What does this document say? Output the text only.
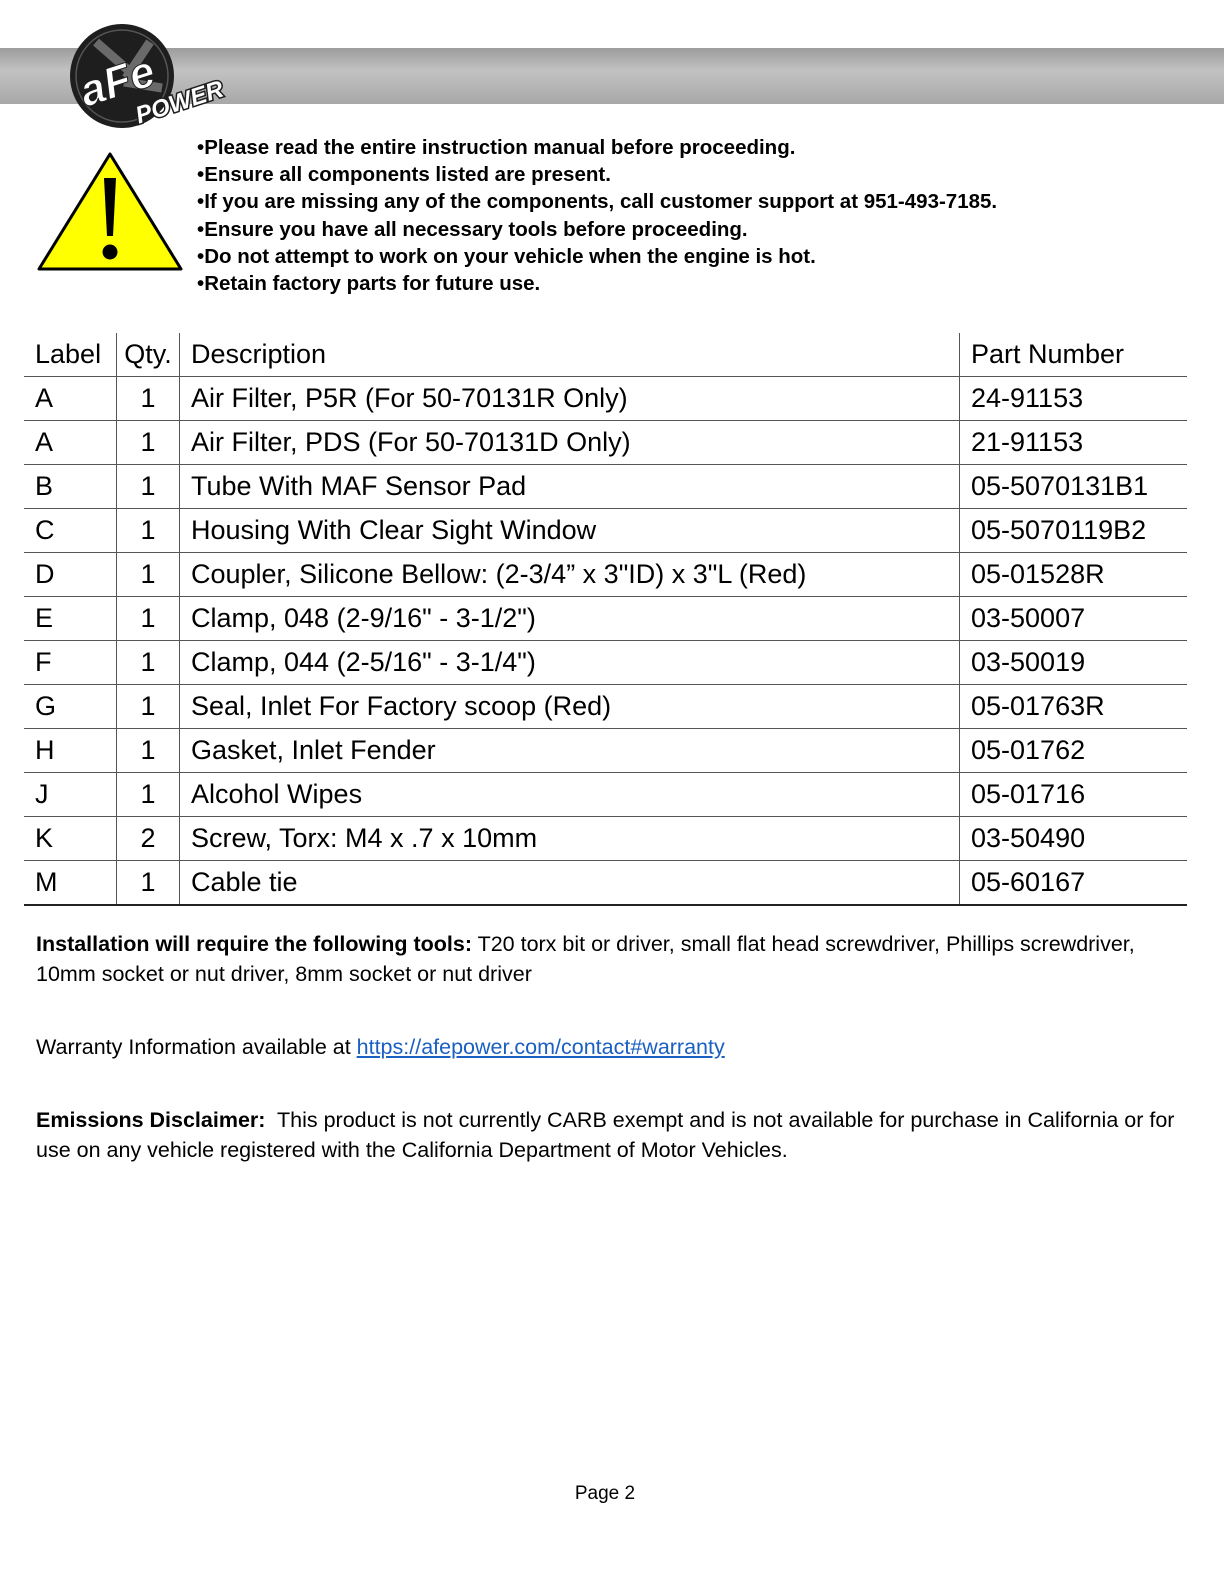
aFe
POWER
• Please read the entire instruction manual before proceeding.
• Ensure all components listed are present.
• If you are missing any of the components, call customer support at 951-493-7185.
• Ensure you have all necessary tools before proceeding.
• Do not attempt to work on your vehicle when the engine is hot.
• Retain factory parts for future use.
Label	Qty.	Description	Part Number
A	1	Air Filter, P5R (For 50-70131R Only)	24-91153
A	1	Air Filter, PDS (For 50-70131D Only)	21-91153
B	1	Tube With MAF Sensor Pad	05-5070131B1
C	1	Housing With Clear Sight Window	05-5070119B2
D	1	Coupler, Silicone Bellow: (2-3/4” x 3"ID) x 3"L (Red)	05-01528R
E	1	Clamp, 048 (2-9/16" - 3-1/2")	03-50007
F	1	Clamp, 044 (2-5/16" - 3-1/4")	03-50019
G	1	Seal, Inlet For Factory scoop (Red)	05-01763R
H	1	Gasket, Inlet Fender	05-01762
J	1	Alcohol Wipes	05-01716
K	2	Screw, Torx: M4 x .7 x 10mm	03-50490
M	1	Cable tie	05-60167

Installation will require the following tools: T20 torx bit or driver, small flat head screwdriver, Phillips screwdriver, 10mm socket or nut driver, 8mm socket or nut driver

Warranty Information available at https://afepower.com/contact#warranty

Emissions Disclaimer:  This product is not currently CARB exempt and is not available for purchase in California or for use on any vehicle registered with the California Department of Motor Vehicles.

Page 2
